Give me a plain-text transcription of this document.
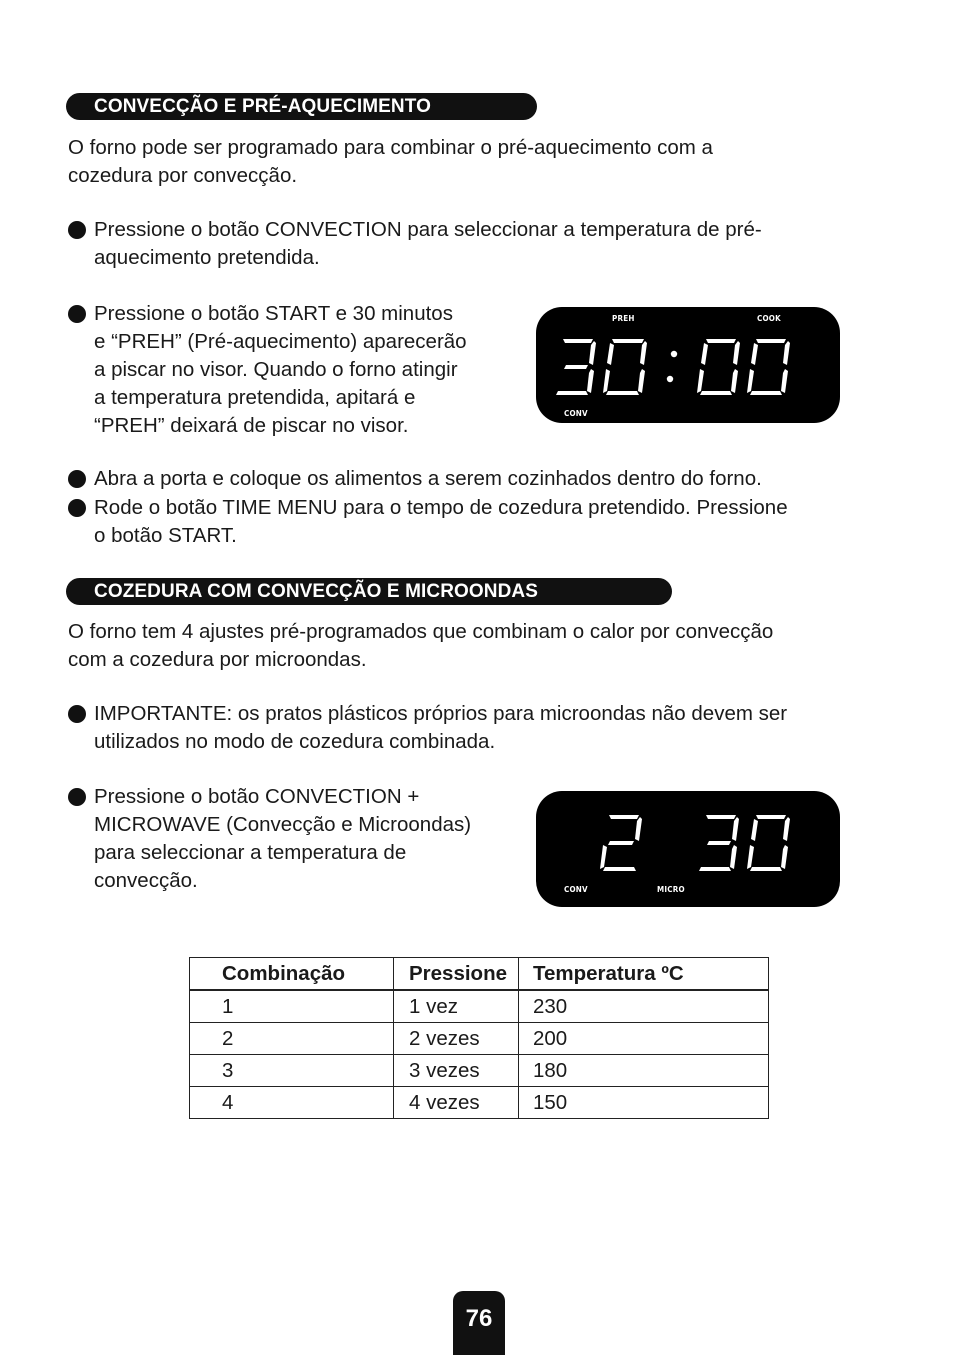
CONVECÇÃO E PRÉ-AQUECIMENTO

O forno pode ser programado para combinar o pré-aquecimento com a
cozedura por convecção.

Pressione o botão CONVECTION para seleccionar a temperatura de pré-
aquecimento pretendida.
Pressione o botão START e 30 minutos
e “PREH” (Pré-aquecimento) aparecerão
a piscar no visor. Quando o forno atingir
a temperatura pretendida, apitará e
“PREH” deixará de piscar no visor.
PREH	COOK
CONV
Abra a porta e coloque os alimentos a serem cozinhados dentro do forno.
Rode o botão TIME MENU para o tempo de cozedura pretendido. Pressione
o botão START.
COZEDURA COM CONVECÇÃO E MICROONDAS

O forno tem 4 ajustes pré-programados que combinam o calor por convecção
com a cozedura por microondas.

IMPORTANTE: os pratos plásticos próprios para microondas não devem ser
utilizados no modo de cozedura combinada.
Pressione o botão CONVECTION +
MICROWAVE (Convecção e Microondas)
para seleccionar a temperatura de
convecção.	CONV	MICRO
Combinação	Pressione	Temperatura ºC
1	1 vez	230
2	2 vezes	200
3	3 vezes	180
4	4 vezes	150
76
